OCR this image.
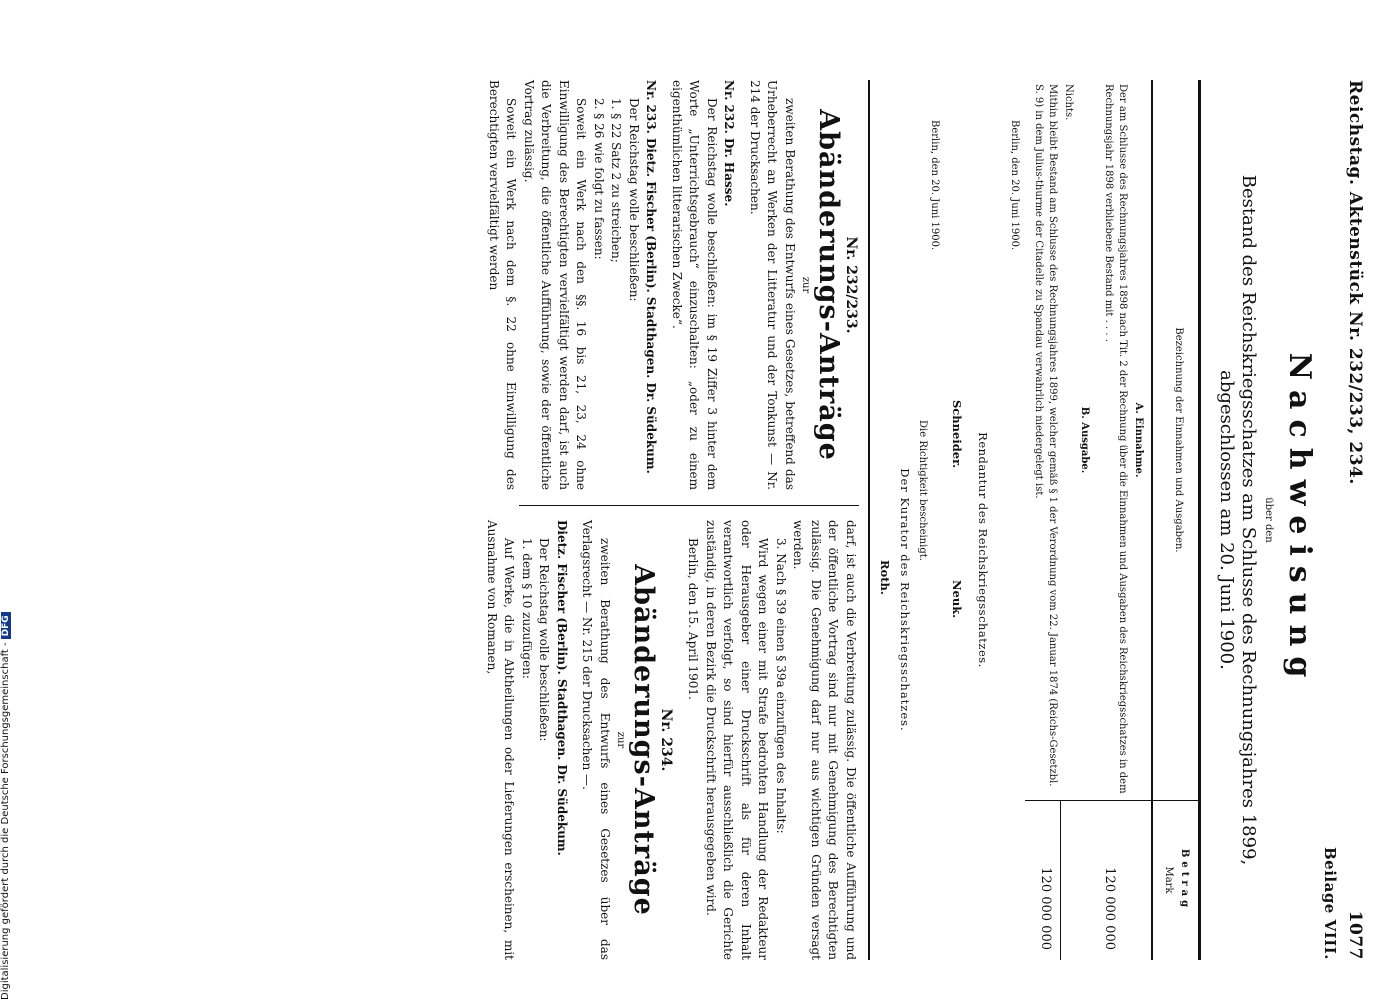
Reichstag. Aktenstück Nr. 232/233, 234.
1077
Beilage VIII.
Nachweisung
über den
Bestand des Reichskriegsschatzes am Schlusse des Rechnungsjahres 1899,
abgeschlossen am 20. Juni 1900.
Bezeichnung der Einnahmen und Ausgaben.
Betrag
Mark
A. Einnahme.
Der am Schlusse des Rechnungsjahres 1898 nach Tit. 2 der Rechnung über die Einnahmen und Ausgaben des Reichskriegsschatzes in dem Rechnungsjahr 1898 verbliebene Bestand mit . . . .
120 000 000
B. Ausgabe.
Nichts.
Mithin bleibt Bestand am Schlusse des Rechnungsjahres 1899, welcher gemäß § 1 der Verordnung vom 22. Januar 1874 (Reichs-Gesetzbl. S. 9) in dem Julius-thurme der Citadelle zu Spandau verwahrlich niedergelegt ist.
120 000 000
Berlin, den 20. Juni 1900.
Rendantur des Reichskriegsschatzes.
Schneider.
Neuk.
Berlin, den 20. Juni 1900.
Die Richtigkeit bescheinigt.
Der Kurator des Reichskriegsschatzes.
Roth.
Nr. 232/233.
Abänderungs-Anträge
zur

zweiten Berathung des Entwurfs eines Gesetzes, betreffend das Urheberrecht an Werken der Litteratur und der Tonkunst — Nr. 214 der Drucksachen.

Nr. 232. Dr. Hasse.

Der Reichstag wolle beschließen: im § 19 Ziffer 3 hinter dem Worte „Unterrichtsgebrauch“ einzuschalten: „oder zu einem eigenthümlichen litterarischen Zwecke“.

Nr. 233. Dietz. Fischer (Berlin). Stadthagen. Dr. Südekum.

Der Reichstag wolle beschließen:

1. § 22 Satz 2 zu streichen;

2. § 26 wie folgt zu fassen:

Soweit ein Werk nach den §§. 16 bis 21, 23, 24 ohne Einwilligung des Berechtigten vervielfältigt werden darf, ist auch die Verbreitung, die öffentliche Aufführung, sowie der öffentliche Vortrag zulässig.

Soweit ein Werk nach dem §. 22 ohne Einwilligung des Berechtigten vervielfältigt werden

darf, ist auch die Verbreitung zulässig. Die öffentliche Aufführung und der öffentliche Vortrag sind nur mit Genehmigung des Berechtigten zulässig. Die Genehmigung darf nur aus wichtigen Gründen versagt werden.

3. Nach § 39 einen § 39a einzufügen des Inhalts:

Wird wegen einer mit Strafe bedrohten Handlung der Redakteur oder Herausgeber einer Druckschrift als für deren Inhalt verantwortlich verfolgt, so sind hierfür ausschließlich die Gerichte zuständig, in deren Bezirk die Druckschrift herausgegeben wird.

Berlin, den 15. April 1901.

Nr. 234.
Abänderungs-Anträge
zur

zweiten Berathung des Entwurfs eines Gesetzes über das Verlagsrecht — Nr. 215 der Drucksachen —.

Dietz. Fischer (Berlin). Stadthagen. Dr. Südekum.

Der Reichstag wolle beschließen:

1. dem § 10 zuzufügen:

Auf Werke, die in Abtheilungen oder Lieferungen erscheinen, mit Ausnahme von Romanen,

Digitalisierung gefördert durch die Deutsche Forschungsgemeinschaft -DFG
